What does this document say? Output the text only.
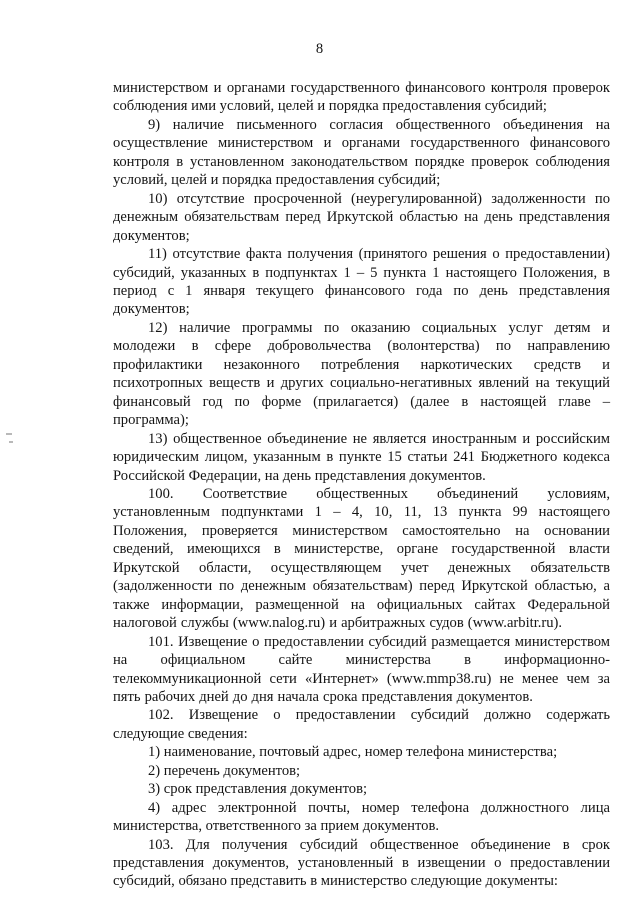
8

министерством и органами государственного финансового контроля проверок соблюдения ими условий, целей и порядка предоставления субсидий;

9) наличие письменного согласия общественного объединения на осуществление министерством и органами государственного финансового контроля в установленном законодательством порядке проверок соблюдения условий, целей и порядка предоставления субсидий;

10) отсутствие просроченной (неурегулированной) задолженности по денежным обязательствам перед Иркутской областью на день представления документов;

11) отсутствие факта получения (принятого решения о предоставлении) субсидий, указанных в подпунктах 1 – 5 пункта 1 настоящего Положения, в период с 1 января текущего финансового года по день представления документов;

12) наличие программы по оказанию социальных услуг детям и молодежи в сфере добровольчества (волонтерства) по направлению профилактики незаконного потребления наркотических средств и психотропных веществ и других социально-негативных явлений на текущий финансовый год по форме (прилагается) (далее в настоящей главе – программа);

13) общественное объединение не является иностранным и российским юридическим лицом, указанным в пункте 15 статьи 241 Бюджетного кодекса Российской Федерации, на день представления документов.

100. Соответствие общественных объединений условиям, установленным подпунктами 1 – 4, 10, 11, 13 пункта 99 настоящего Положения, проверяется министерством самостоятельно на основании сведений, имеющихся в министерстве, органе государственной власти Иркутской области, осуществляющем учет денежных обязательств (задолженности по денежным обязательствам) перед Иркутской областью, а также информации, размещенной на официальных сайтах Федеральной налоговой службы (www.nalog.ru) и арбитражных судов (www.arbitr.ru).

101. Извещение о предоставлении субсидий размещается министерством на официальном сайте министерства в информационно-телекоммуникационной сети «Интернет» (www.mmp38.ru) не менее чем за пять рабочих дней до дня начала срока представления документов.

102. Извещение о предоставлении субсидий должно содержать следующие сведения:

1) наименование, почтовый адрес, номер телефона министерства;

2) перечень документов;

3) срок представления документов;

4) адрес электронной почты, номер телефона должностного лица министерства, ответственного за прием документов.

103. Для получения субсидий общественное объединение в срок представления документов, установленный в извещении о предоставлении субсидий, обязано представить в министерство следующие документы:
